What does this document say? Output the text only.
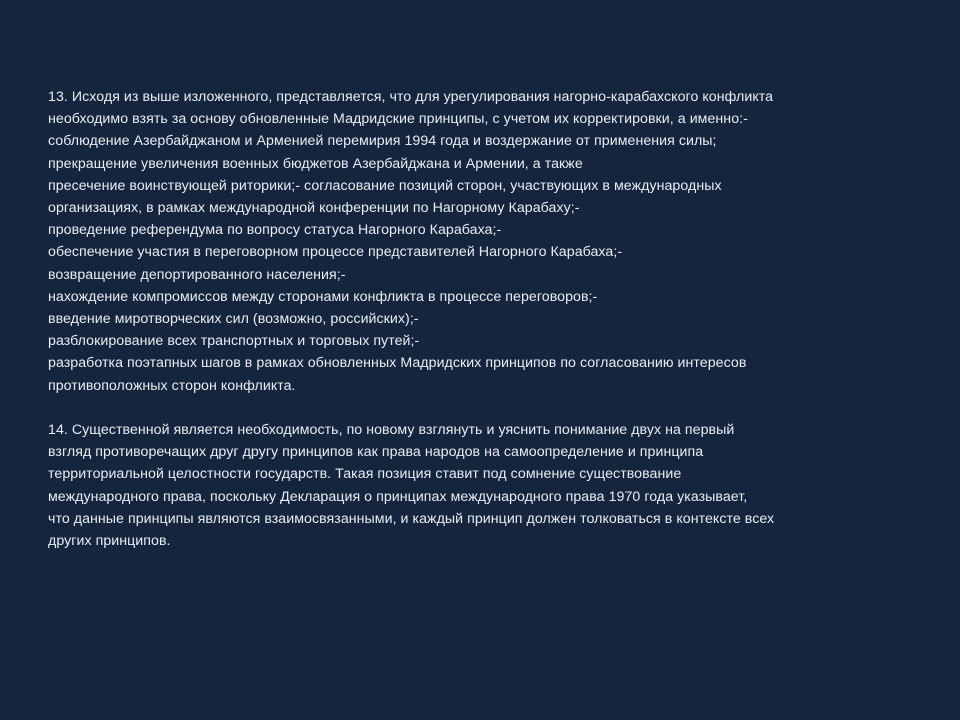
13. Исходя из выше изложенного, представляется, что для урегулирования нагорно-карабахского конфликта
необходимо взять за основу обновленные Мадридские принципы, с учетом их корректировки, а именно:-
соблюдение Азербайджаном и Арменией перемирия 1994 года и воздержание от применения силы;
прекращение увеличения военных бюджетов Азербайджана и Армении, а также
пресечение воинствующей риторики;- согласование позиций сторон, участвующих в международных
организациях, в рамках международной конференции по Нагорному Карабаху;-
проведение референдума по вопросу статуса Нагорного Карабаха;-
обеспечение участия в переговорном процессе представителей Нагорного Карабаха;-
возвращение депортированного населения;-
нахождение компромиссов между сторонами конфликта в процессе переговоров;-
введение миротворческих сил (возможно, российских);-
разблокирование всех транспортных и торговых путей;-
разработка поэтапных шагов в рамках обновленных Мадридских принципов по согласованию интересов
противоположных сторон конфликта.

14. Существенной является необходимость, по новому взглянуть и уяснить понимание двух на первый
взгляд противоречащих друг другу принципов как права народов на самоопределение и принципа
территориальной целостности государств. Такая позиция ставит под сомнение существование
международного права, поскольку Декларация о принципах международного права 1970 года указывает,
что данные принципы являются взаимосвязанными, и каждый принцип должен толковаться в контексте всех
других принципов.
